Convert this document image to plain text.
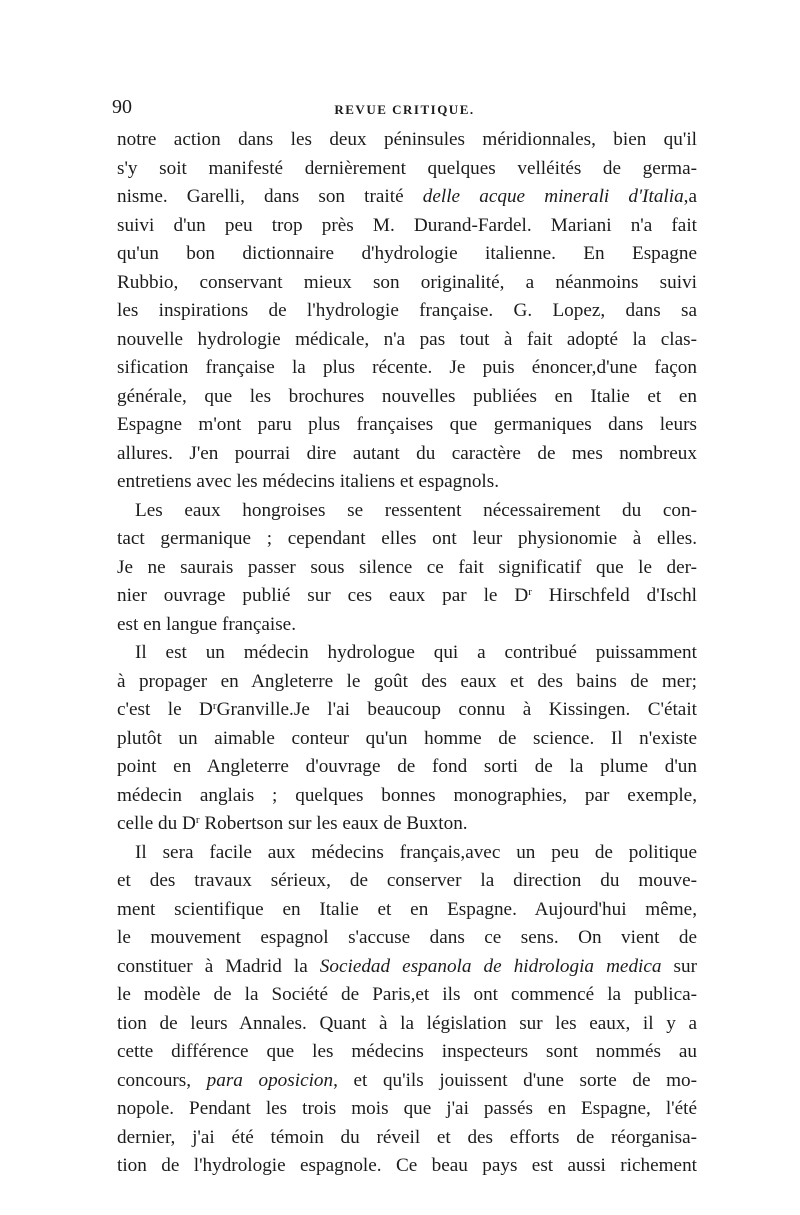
90	REVUE CRITIQUE.
notre action dans les deux péninsules méridionnales, bien qu'il
s'y soit manifesté dernièrement quelques velléités de germa-
nisme. Garelli, dans son traité delle acque minerali d'Italia,a
suivi d'un peu trop près M. Durand-Fardel. Mariani n'a fait
qu'un bon dictionnaire d'hydrologie italienne. En Espagne
Rubbio, conservant mieux son originalité, a néanmoins suivi
les inspirations de l'hydrologie française. G. Lopez, dans sa
nouvelle hydrologie médicale, n'a pas tout à fait adopté la clas-
sification française la plus récente. Je puis énoncer,d'une façon
générale, que les brochures nouvelles publiées en Italie et en
Espagne m'ont paru plus françaises que germaniques dans leurs
allures. J'en pourrai dire autant du caractère de mes nombreux
entretiens avec les médecins italiens et espagnols.
Les eaux hongroises se ressentent nécessairement du con-
tact germanique ; cependant elles ont leur physionomie à elles.
Je ne saurais passer sous silence ce fait significatif que le der-
nier ouvrage publié sur ces eaux par le $D^r$ Hirschfeld d'Ischl
est en langue française.
Il est un médecin hydrologue qui a contribué puissamment
à propager en Angleterre le goût des eaux et des bains de mer;
c'est le $D^rGranville.Je$ l'ai beaucoup connu à Kissingen. C'était
plutôt un aimable conteur qu'un homme de science. Il n'existe
point en Angleterre d'ouvrage de fond sorti de la plume d'un
médecin anglais ; quelques bonnes monographies, par exemple,
celle du $D^r$ Robertson sur les eaux de Buxton.
Il sera facile aux médecins français,avec un peu de politique
et des travaux sérieux, de conserver la direction du mouve-
ment scientifique en Italie et en Espagne. Aujourd'hui même,
le mouvement espagnol s'accuse dans ce sens. On vient de
constituer à Madrid la Sociedad espanola de hidrologia medica sur
le modèle de la Société de Paris,et ils ont commencé la publica-
tion de leurs Annales. Quant à la législation sur les eaux, il y a
cette différence que les médecins inspecteurs sont nommés au
concours, para oposicion, et qu'ils jouissent d'une sorte de mo-
nopole. Pendant les trois mois que j'ai passés en Espagne, l'été
dernier, j'ai été témoin du réveil et des efforts de réorganisa-
tion de l'hydrologie espagnole. Ce beau pays est aussi richement
